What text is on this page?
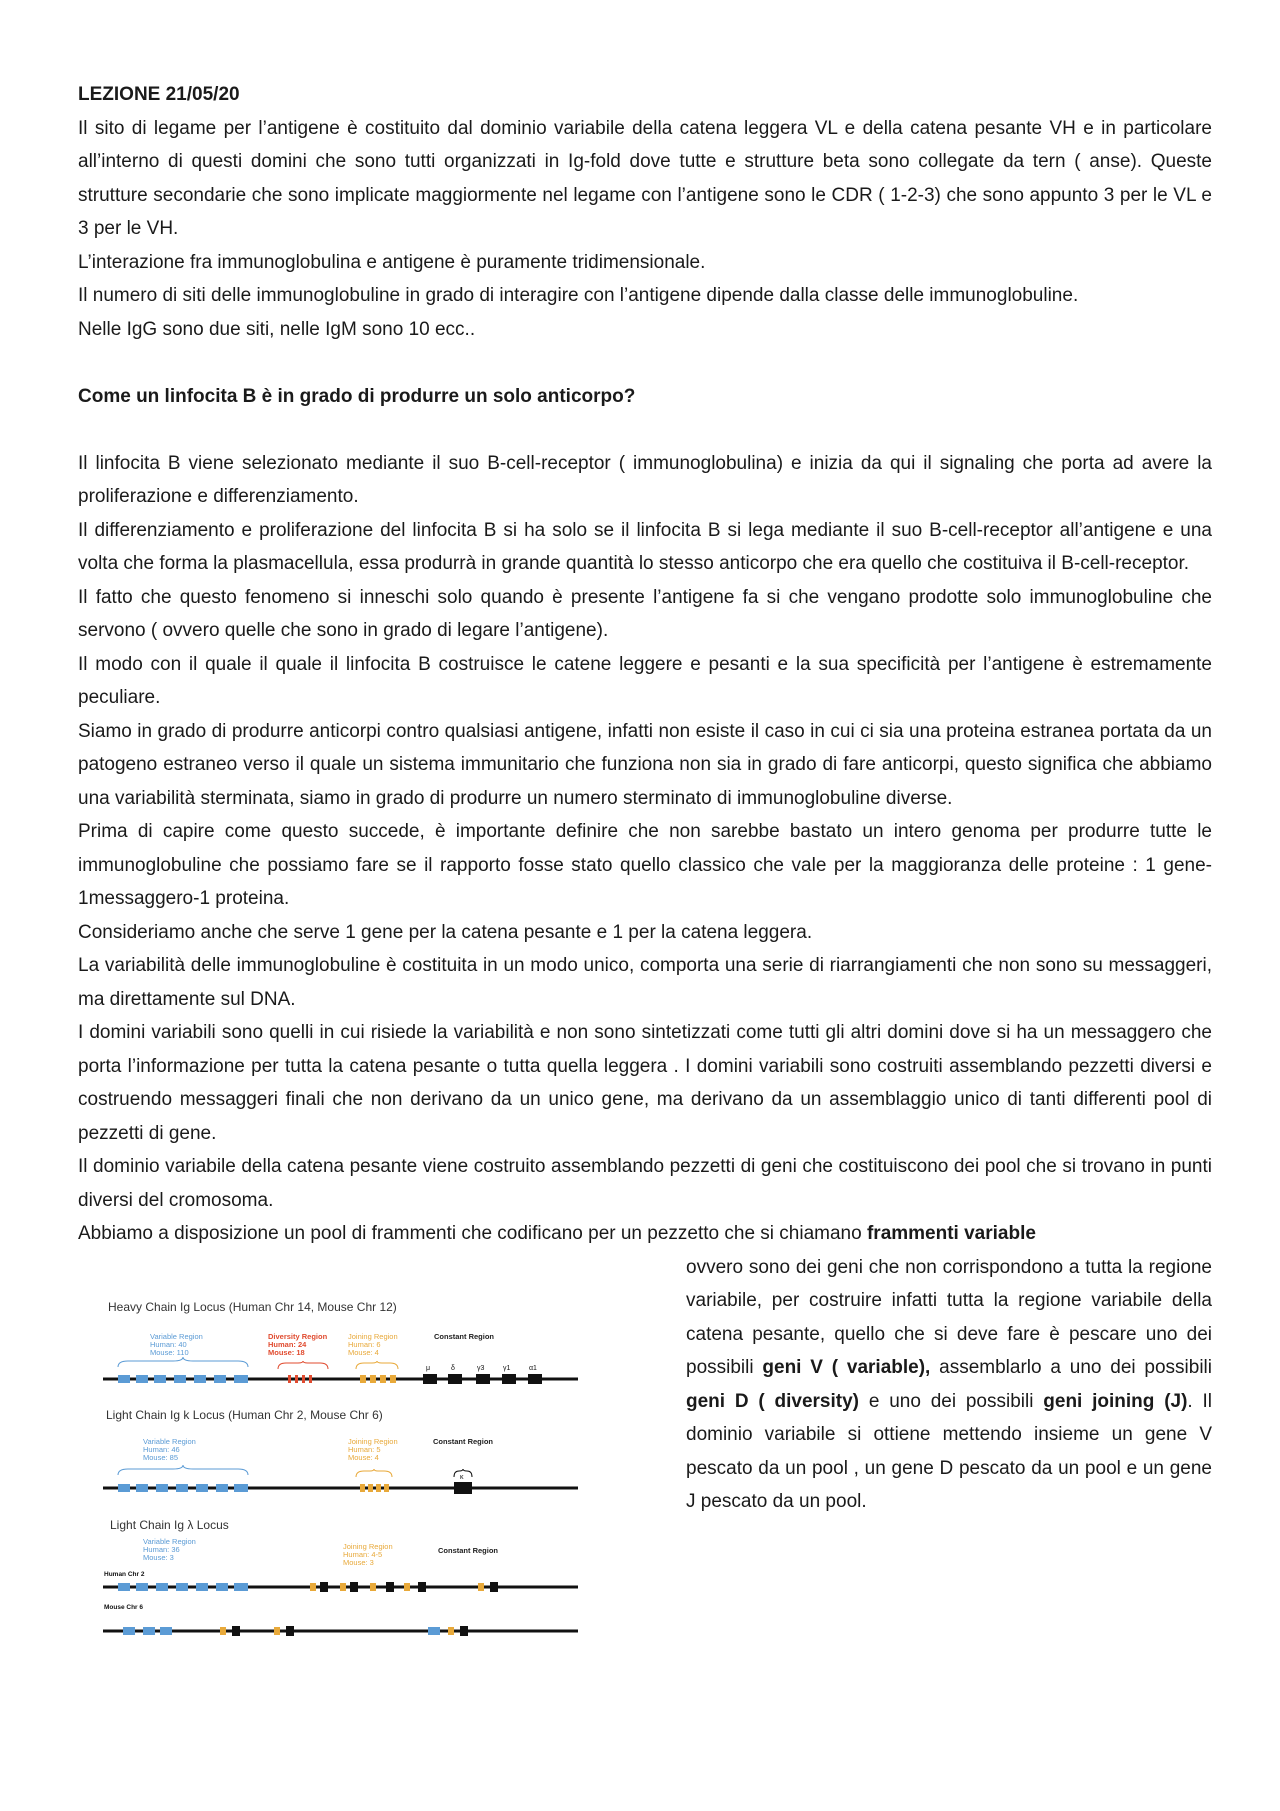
LEZIONE 21/05/20

Il sito di legame per l’antigene è costituito dal dominio variabile della catena leggera VL e della catena pesante VH e in particolare all’interno di questi domini che sono tutti organizzati in Ig-fold dove tutte e strutture beta sono collegate da tern ( anse). Queste strutture secondarie che sono implicate maggiormente nel legame con l’antigene sono le CDR ( 1-2-3) che sono appunto 3 per le VL e 3 per le VH.

L’interazione fra immunoglobulina e antigene è puramente tridimensionale.

Il numero di siti delle immunoglobuline in grado di interagire con l’antigene dipende dalla classe delle immunoglobuline.

Nelle IgG sono due siti, nelle IgM sono 10 ecc..

Come un linfocita B è in grado di produrre un solo anticorpo?

Il linfocita B viene selezionato mediante il suo B-cell-receptor ( immunoglobulina) e inizia da qui il signaling che porta ad avere la proliferazione e differenziamento.

Il differenziamento e proliferazione del linfocita B si ha solo se il linfocita B si lega mediante il suo B-cell-receptor all’antigene e una volta che forma la plasmacellula, essa produrrà in grande quantità lo stesso anticorpo che era quello che costituiva il B-cell-receptor.

Il fatto che questo fenomeno si inneschi solo quando è presente l’antigene fa si che vengano prodotte solo immunoglobuline che servono ( ovvero quelle che sono in grado di legare l’antigene).

Il modo con il quale il quale il linfocita B costruisce le catene leggere e pesanti e la sua specificità per l’antigene è estremamente peculiare.

Siamo in grado di produrre anticorpi contro qualsiasi antigene, infatti non esiste il caso in cui ci sia una proteina estranea portata da un patogeno estraneo verso il quale un sistema immunitario che funziona non sia in grado di fare anticorpi, questo significa che abbiamo una variabilità sterminata, siamo in grado di produrre un numero sterminato di immunoglobuline diverse.

Prima di capire come questo succede, è importante definire che non sarebbe bastato un intero genoma per produrre tutte le immunoglobuline che possiamo fare se il rapporto fosse stato quello classico che vale per la maggioranza delle proteine : 1 gene-1messaggero-1 proteina.

Consideriamo anche che serve 1 gene per la catena pesante e 1 per la catena leggera.

La variabilità delle immunoglobuline è costituita in un modo unico, comporta una serie di riarrangiamenti che non sono su messaggeri, ma direttamente sul DNA.

I domini variabili sono quelli in cui risiede la variabilità e non sono sintetizzati come tutti gli altri domini dove si ha un messaggero che porta l’informazione per tutta la catena pesante o tutta quella leggera . I domini variabili sono costruiti assemblando pezzetti diversi e costruendo messaggeri finali che non derivano da un unico gene, ma derivano da un assemblaggio unico di tanti differenti pool di pezzetti di gene.

Il dominio variabile della catena pesante viene costruito assemblando pezzetti di geni che costituiscono dei pool che si trovano in punti diversi del cromosoma.

Abbiamo a disposizione un pool di frammenti che codificano per un pezzetto che si chiamano frammenti variable

ovvero sono dei geni che non corrispondono a tutta la regione variabile, per costruire infatti tutta la regione variabile della catena pesante, quello che si deve fare è pescare uno dei possibili geni V ( variable), assemblarlo a uno dei possibili geni D ( diversity) e uno dei possibili geni joining (J). Il dominio variabile si ottiene mettendo insieme un gene V pescato da un pool , un gene D pescato da un pool e un gene J pescato da un pool.

Heavy Chain Ig Locus (Human Chr 14, Mouse Chr 12)
Variable Region
Human: 40
Mouse: 110
Diversity Region
Human: 24
Mouse: 18
Joining Region
Human: 6
Mouse: 4
Constant Region
μ	δ	γ3	γ1	α1
Light Chain Ig k Locus (Human Chr 2, Mouse Chr 6)
Variable Region
Human: 46
Mouse: 85
Joining Region
Human: 5
Mouse: 4
Constant Region
κ
Light Chain Ig λ Locus
Variable Region
Human: 36
Mouse: 3
Joining Region
Human: 4-5
Mouse: 3
Constant Region
Human Chr 2
Mouse Chr 6
